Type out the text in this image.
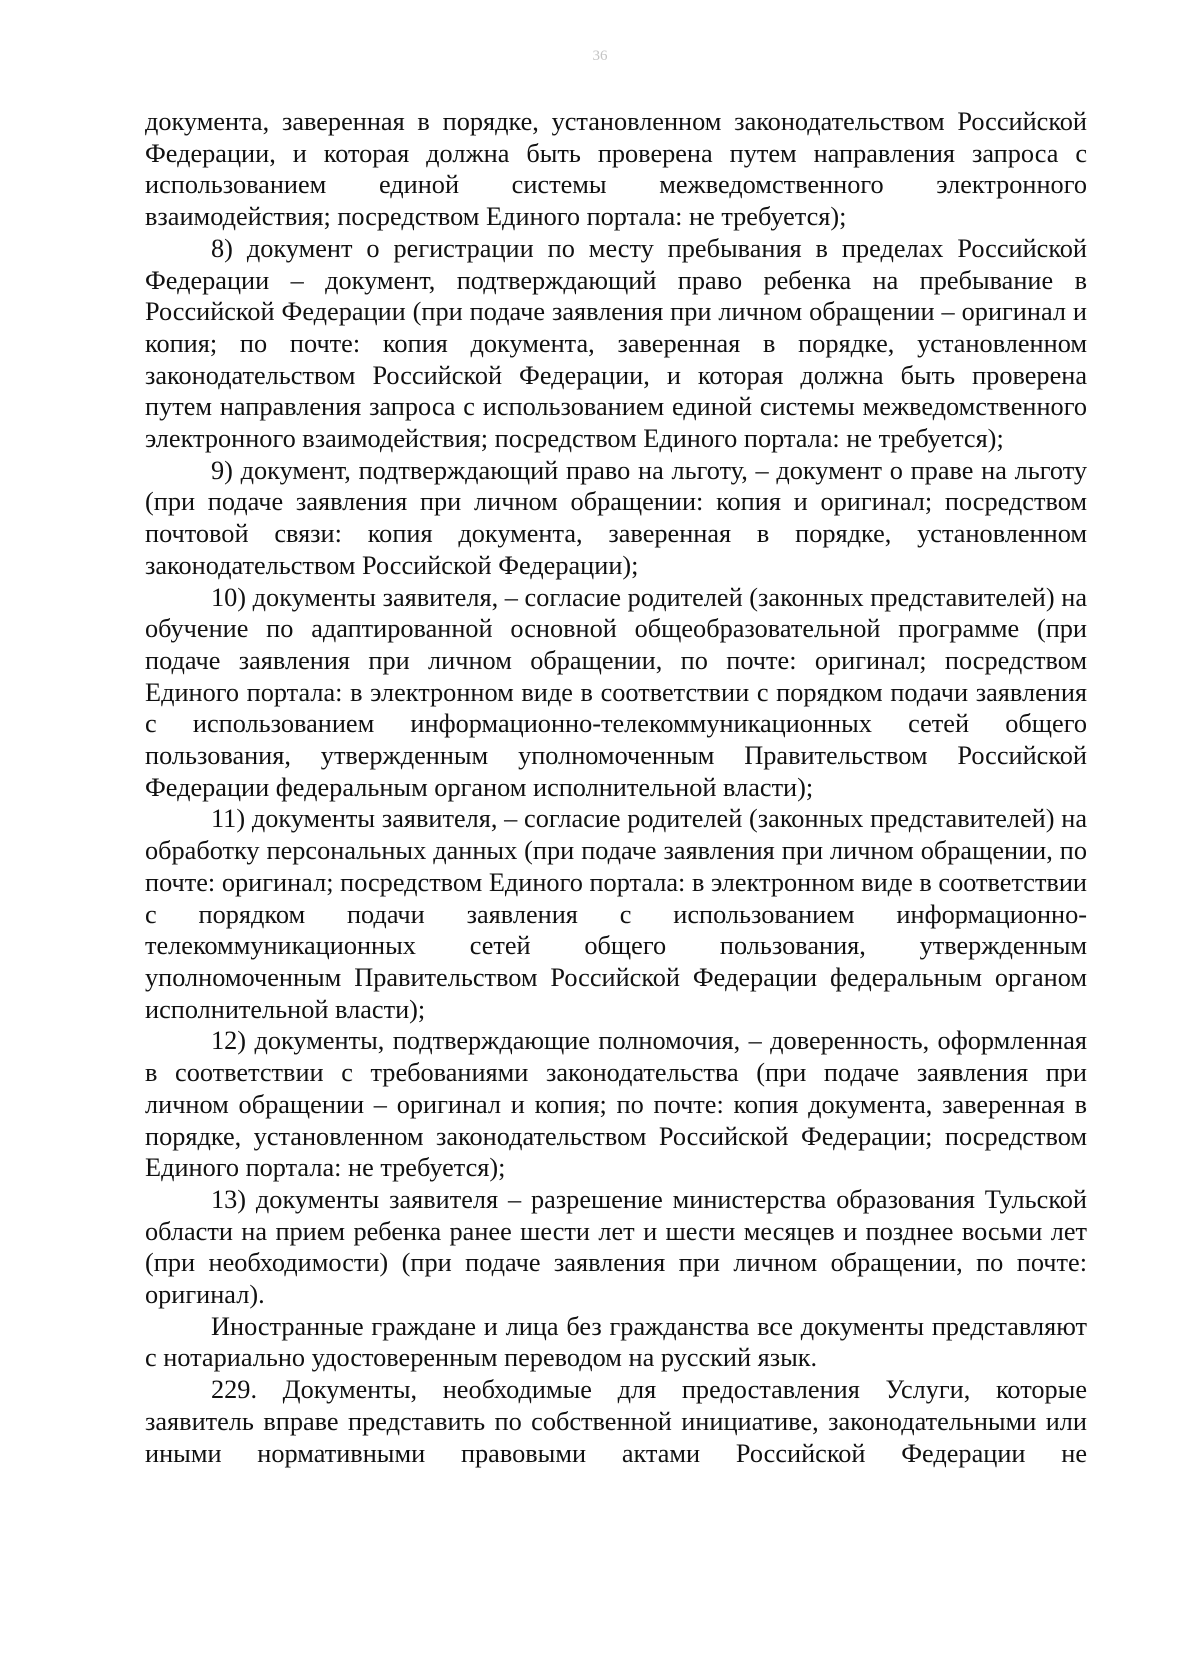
36

документа, заверенная в порядке, установленном законодательством Российской Федерации, и которая должна быть проверена путем направления запроса с использованием единой системы межведомственного электронного взаимодействия; посредством Единого портала: не требуется);

8) документ о регистрации по месту пребывания в пределах Российской Федерации – документ, подтверждающий право ребенка на пребывание в Российской Федерации (при подаче заявления при личном обращении – оригинал и копия; по почте: копия документа, заверенная в порядке, установленном законодательством Российской Федерации, и которая должна быть проверена путем направления запроса с использованием единой системы межведомственного электронного взаимодействия; посредством Единого портала: не требуется);

9) документ, подтверждающий право на льготу, – документ о праве на льготу (при подаче заявления при личном обращении: копия и оригинал; посредством почтовой связи: копия документа, заверенная в порядке, установленном законодательством Российской Федерации);

10) документы заявителя, – согласие родителей (законных представителей) на обучение по адаптированной основной общеобразовательной программе (при подаче заявления при личном обращении, по почте: оригинал; посредством Единого портала: в электронном виде в соответствии с порядком подачи заявления с использованием информационно-телекоммуникационных сетей общего пользования, утвержденным уполномоченным Правительством Российской Федерации федеральным органом исполнительной власти);

11) документы заявителя, – согласие родителей (законных представителей) на обработку персональных данных (при подаче заявления при личном обращении, по почте: оригинал; посредством Единого портала: в электронном виде в соответствии с порядком подачи заявления с использованием информационно-телекоммуникационных сетей общего пользования, утвержденным уполномоченным Правительством Российской Федерации федеральным органом исполнительной власти);

12) документы, подтверждающие полномочия, – доверенность, оформленная в соответствии с требованиями законодательства (при подаче заявления при личном обращении – оригинал и копия; по почте: копия документа, заверенная в порядке, установленном законодательством Российской Федерации; посредством Единого портала: не требуется);

13) документы заявителя – разрешение министерства образования Тульской области на прием ребенка ранее шести лет и шести месяцев и позднее восьми лет (при необходимости) (при подаче заявления при личном обращении, по почте: оригинал).

Иностранные граждане и лица без гражданства все документы представляют с нотариально удостоверенным переводом на русский язык.

229. Документы, необходимые для предоставления Услуги, которые заявитель вправе представить по собственной инициативе, законодательными или иными нормативными правовыми актами Российской Федерации не
